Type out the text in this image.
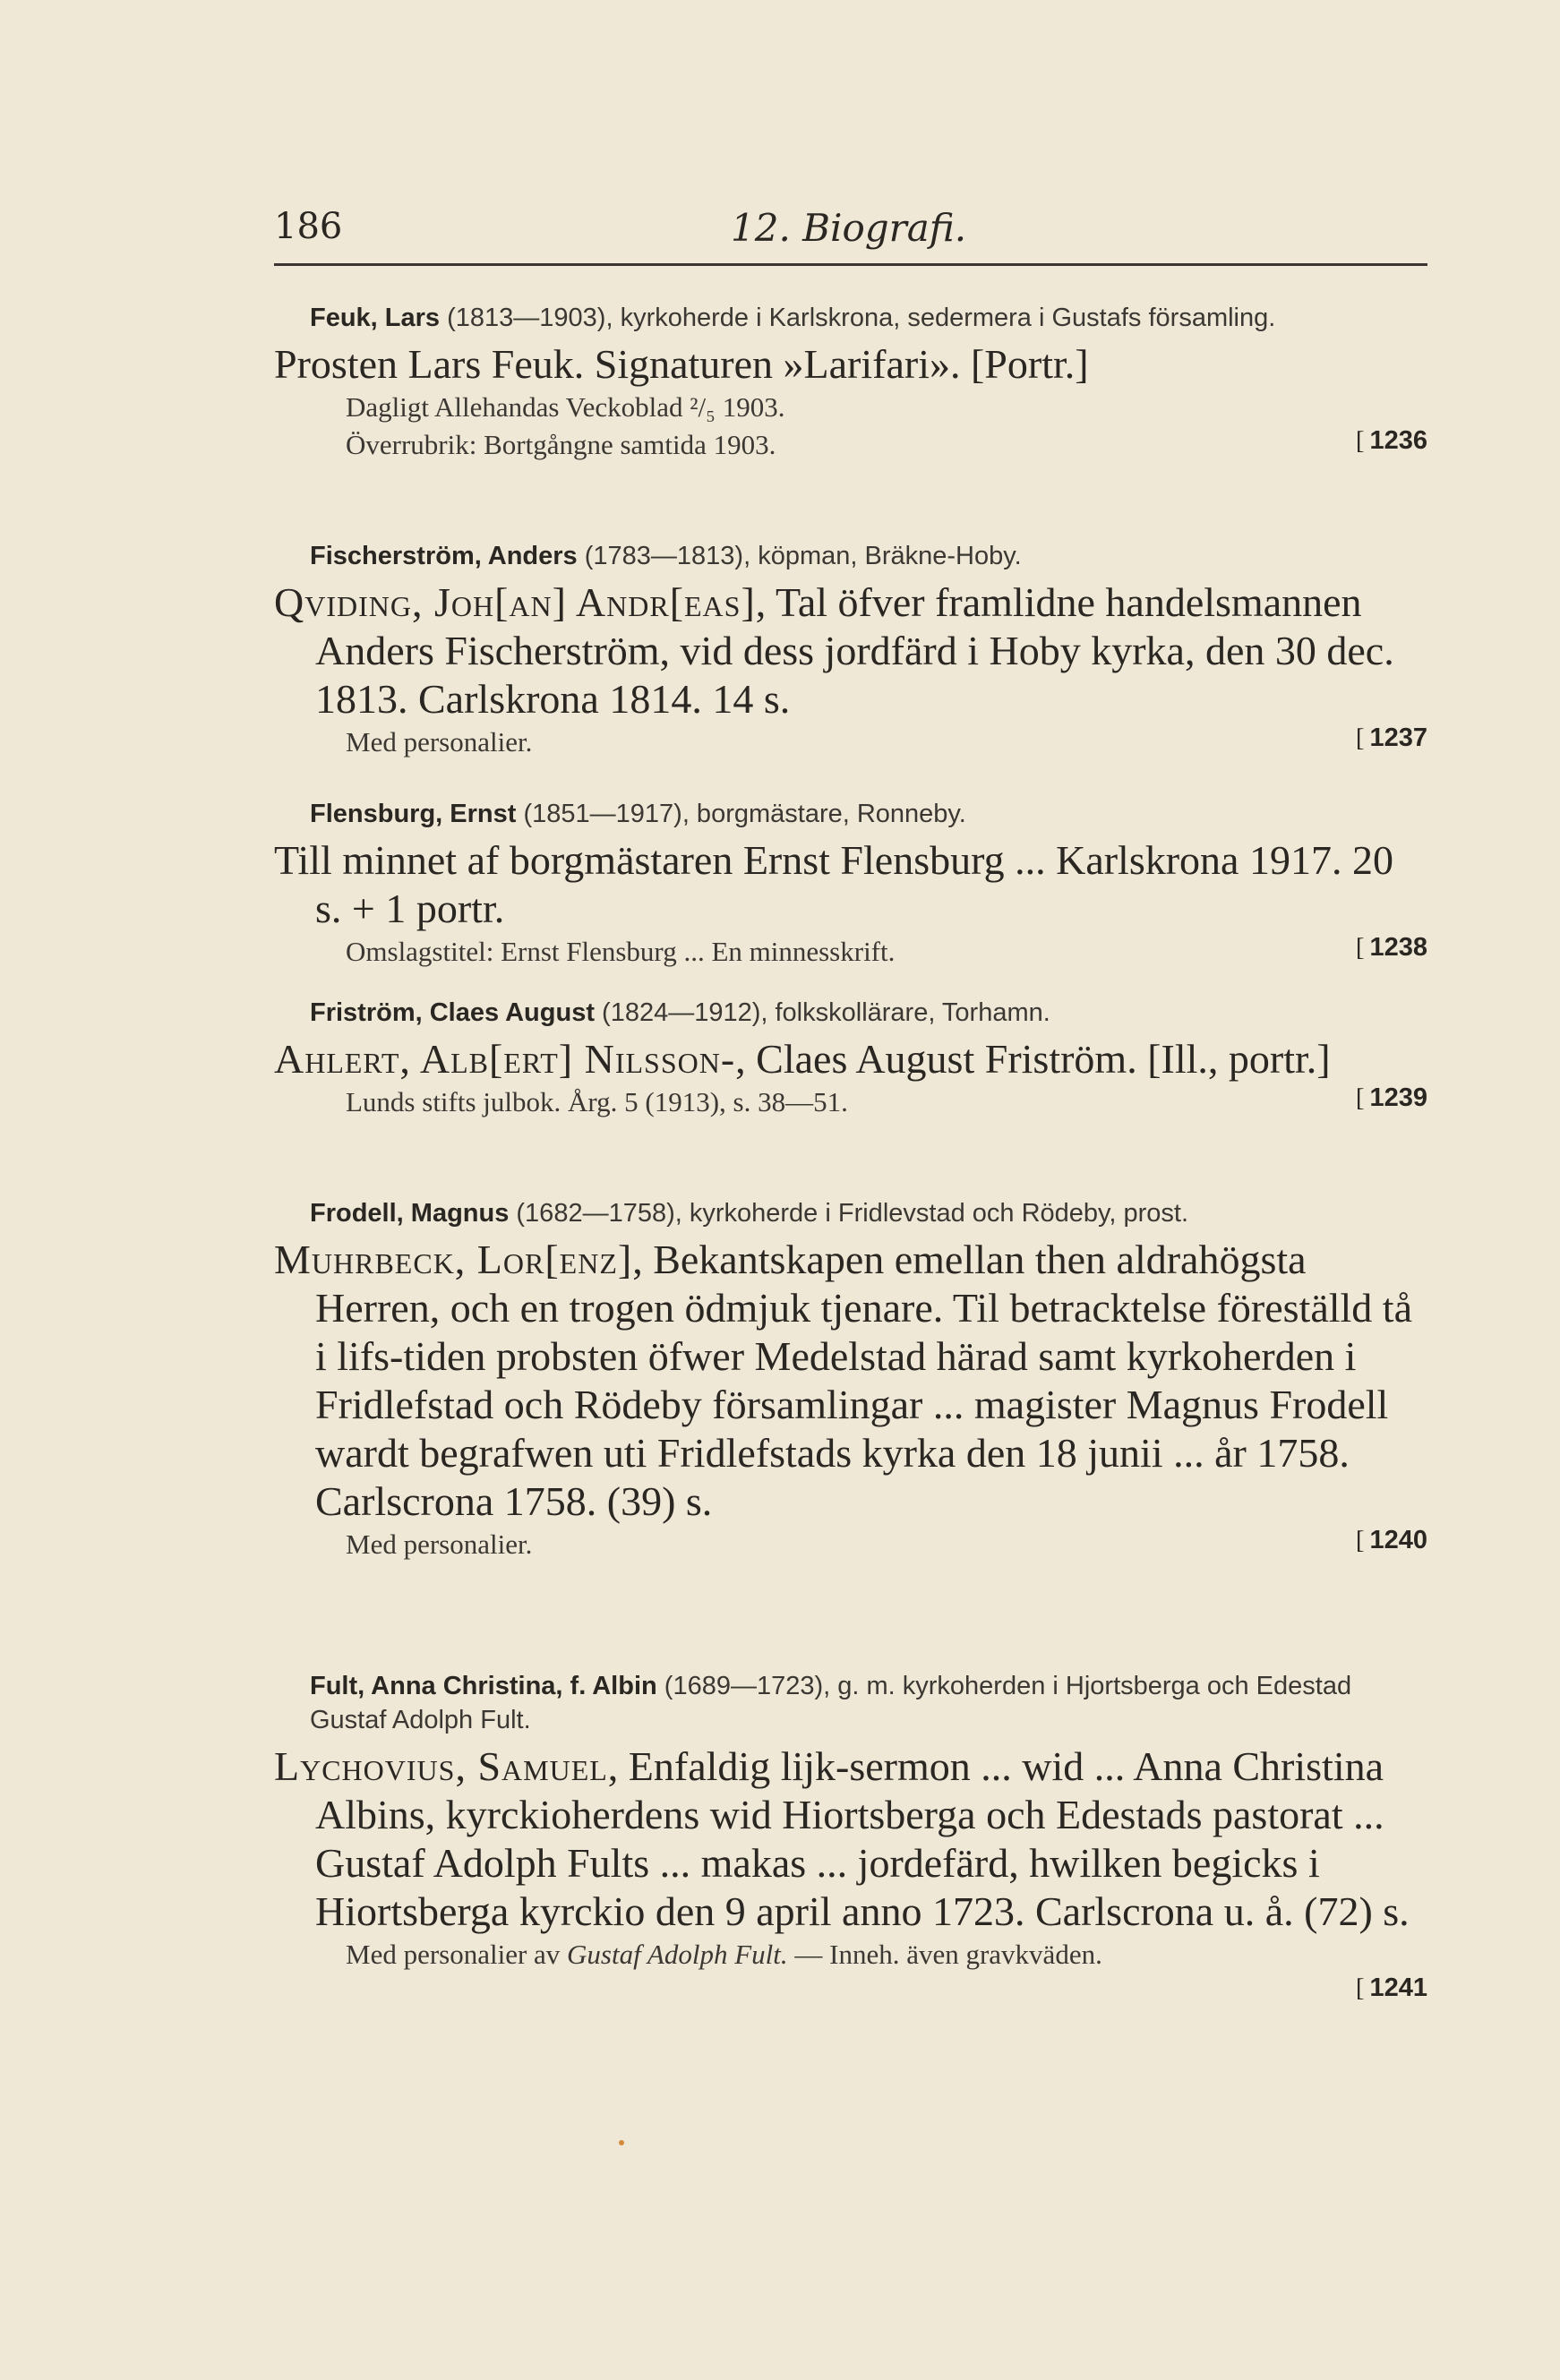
186	12. Biografi.
Feuk, Lars (1813—1903), kyrkoherde i Karlskrona, sedermera i Gustafs församling.
Prosten Lars Feuk. Signaturen »Larifari». [Portr.]
Dagligt Allehandas Veckoblad ²/₅ 1903.
Överrubrik: Bortgångne samtida 1903.	[ 1236
Fischerström, Anders (1783—1813), köpman, Bräkne-Hoby.
Qviding, Joh[an] Andr[eas], Tal öfver framlidne handelsmannen Anders Fischerström, vid dess jordfärd i Hoby kyrka, den 30 dec. 1813. Carlskrona 1814. 14 s.
Med personalier.	[ 1237
Flensburg, Ernst (1851—1917), borgmästare, Ronneby.
Till minnet af borgmästaren Ernst Flensburg ... Karlskrona 1917. 20 s. + 1 portr.
Omslagstitel: Ernst Flensburg ... En minnesskrift.	[ 1238
Friström, Claes August (1824—1912), folkskollärare, Torhamn.
Ahlert, Alb[ert] Nilsson-, Claes August Friström. [Ill., portr.]
Lunds stifts julbok. Årg. 5 (1913), s. 38—51.	[ 1239
Frodell, Magnus (1682—1758), kyrkoherde i Fridlevstad och Rödeby, prost.
Muhrbeck, Lor[enz], Bekantskapen emellan then aldrahögsta Herren, och en trogen ödmjuk tjenare. Til betracktelse föreställd tå i lifs-tiden probsten öfwer Medelstad härad samt kyrkoherden i Fridlefstad och Rödeby församlingar ... magister Magnus Frodell wardt begrafwen uti Fridlefstads kyrka den 18 junii ... år 1758. Carlscrona 1758. (39) s.
Med personalier.	[ 1240
Fult, Anna Christina, f. Albin (1689—1723), g. m. kyrkoherden i Hjortsberga och Edestad Gustaf Adolph Fult.
Lychovius, Samuel, Enfaldig lijk-sermon ... wid ... Anna Christina Albins, kyrckioherdens wid Hiortsberga och Edestads pastorat ... Gustaf Adolph Fults ... makas ... jordefärd, hwilken begicks i Hiortsberga kyrckio den 9 april anno 1723. Carlscrona u. å. (72) s.
Med personalier av Gustaf Adolph Fult. — Inneh. även gravkväden.
[ 1241
